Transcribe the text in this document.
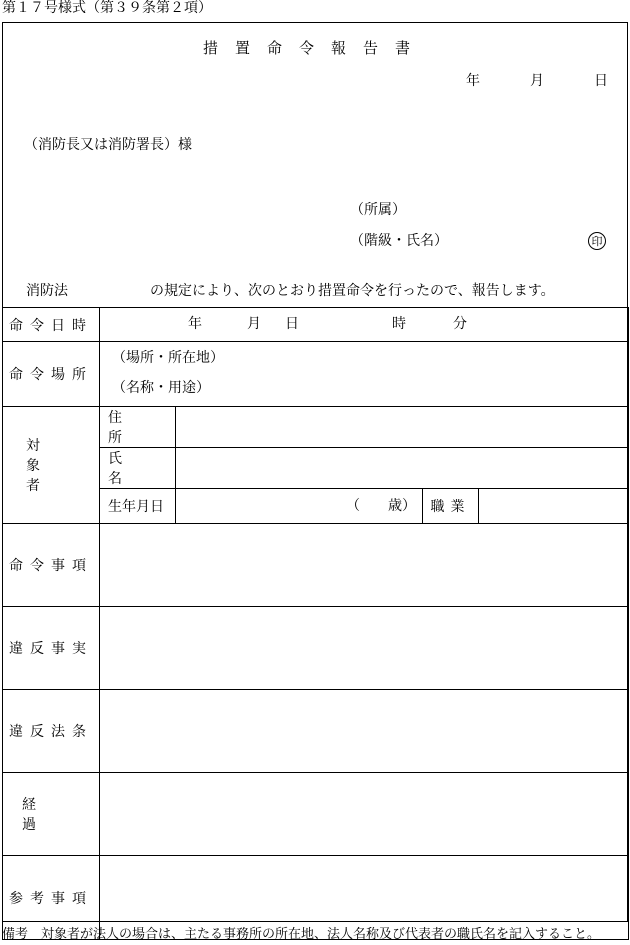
第１７号様式（第３９条第２項）
措置命令報告書
年	月	日
（消防長又は消防署長）様
（所属）
（階級・氏名）	印
消防法	の規定により、次のとおり措置命令を行ったので、報告します。
命令日時	年 月 日 時 分			

命令場所	（場所・所在地）
（名称・用途）			

対象者	住所			
	氏名			
	生年月日	（　　歳）	職業	
命令事項				
違反事実				
違反法条				
経過				
参考事項				
備考　対象者が法人の場合は、主たる事務所の所在地、法人名称及び代表者の職氏名を記入すること。
